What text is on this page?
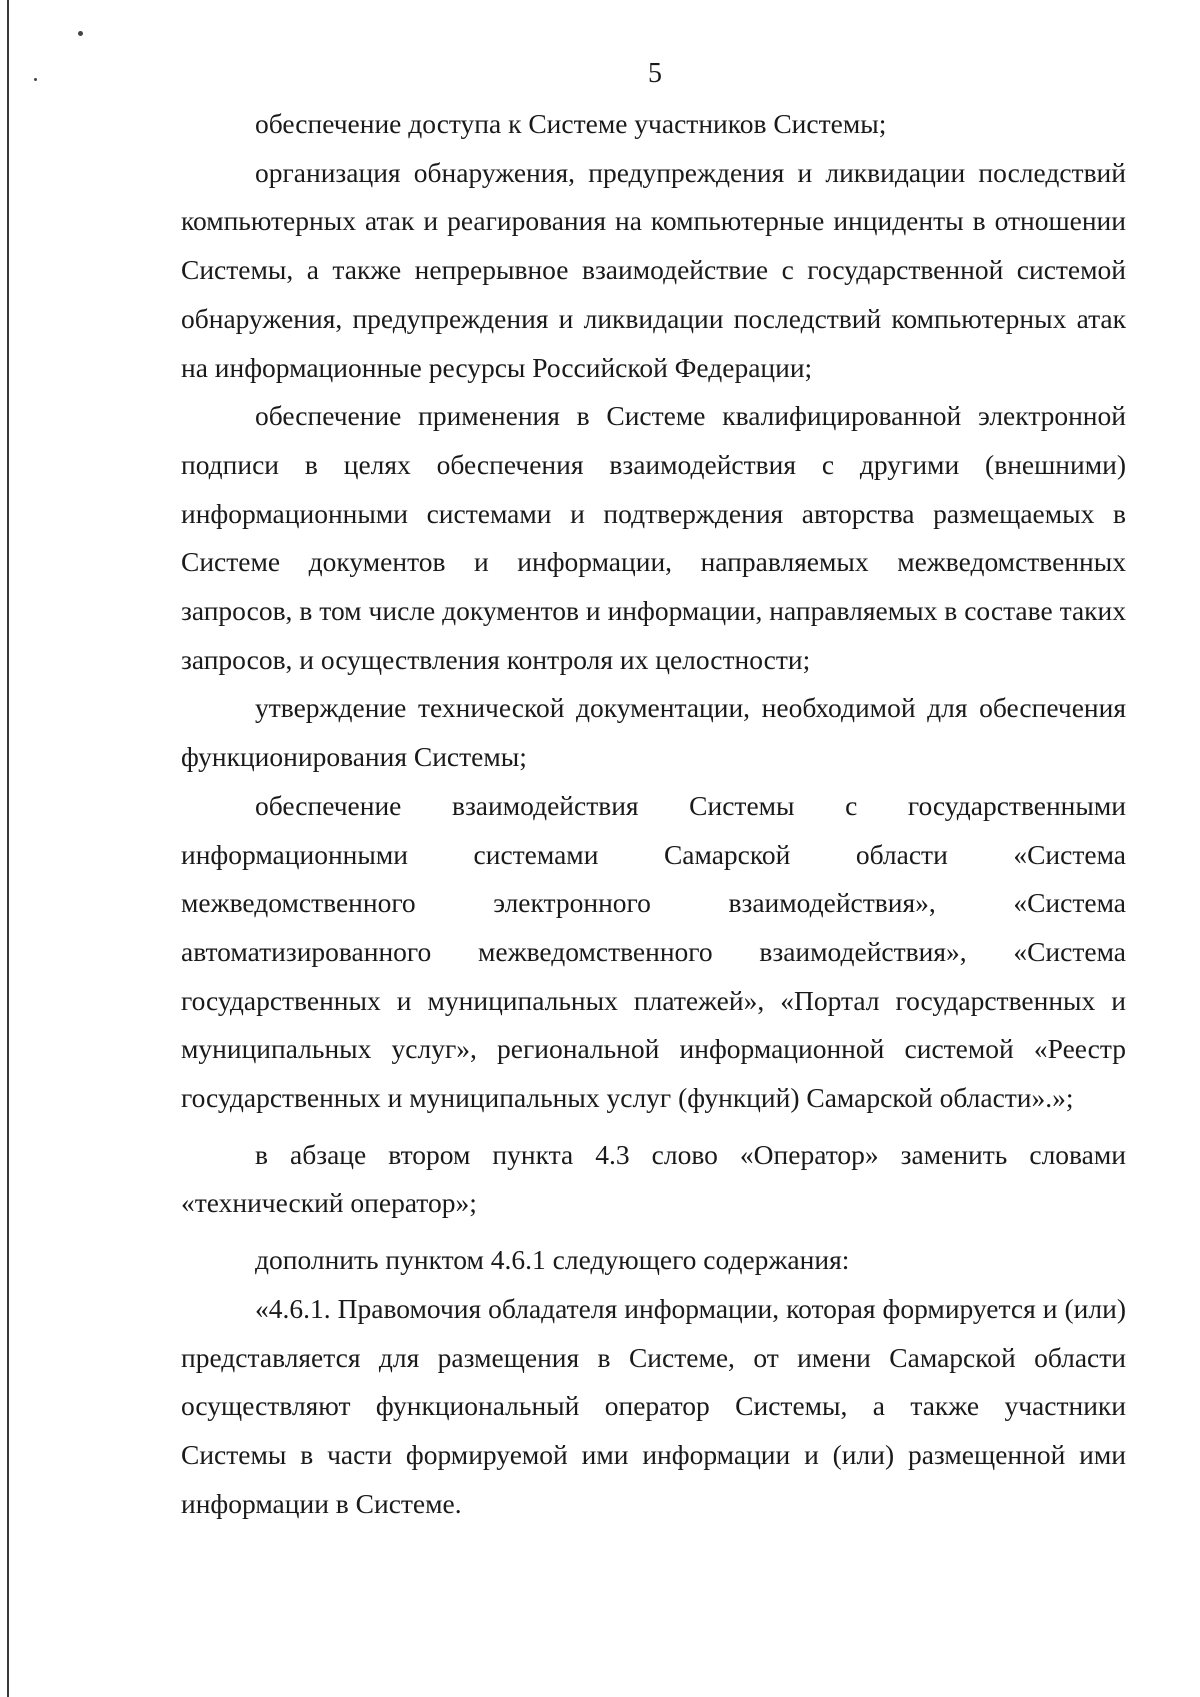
5

обеспечение доступа к Системе участников Системы;

организация обнаружения, предупреждения и ликвидации последствий компьютерных атак и реагирования на компьютерные инциденты в отношении Системы, а также непрерывное взаимодействие с государственной системой обнаружения, предупреждения и ликвидации последствий компьютерных атак на информационные ресурсы Российской Федерации;

обеспечение применения в Системе квалифицированной электронной подписи в целях обеспечения взаимодействия с другими (внешними) информационными системами и подтверждения авторства размещаемых в Системе документов и информации, направляемых межведомственных запросов, в том числе документов и информации, направляемых в составе таких запросов, и осуществления контроля их целостности;

утверждение технической документации, необходимой для обеспечения функционирования Системы;

обеспечение взаимодействия Системы с государственными информационными системами Самарской области «Система межведомственного электронного взаимодействия», «Система автоматизированного межведомственного взаимодействия», «Система государственных и муниципальных платежей», «Портал государственных и муниципальных услуг», региональной информационной системой «Реестр государственных и муниципальных услуг (функций) Самарской области».»;

в абзаце втором пункта 4.3 слово «Оператор» заменить словами «технический оператор»;

дополнить пунктом 4.6.1 следующего содержания:

«4.6.1. Правомочия обладателя информации, которая формируется и (или) представляется для размещения в Системе, от имени Самарской области осуществляют функциональный оператор Системы, а также участники Системы в части формируемой ими информации и (или) размещенной ими информации в Системе.
